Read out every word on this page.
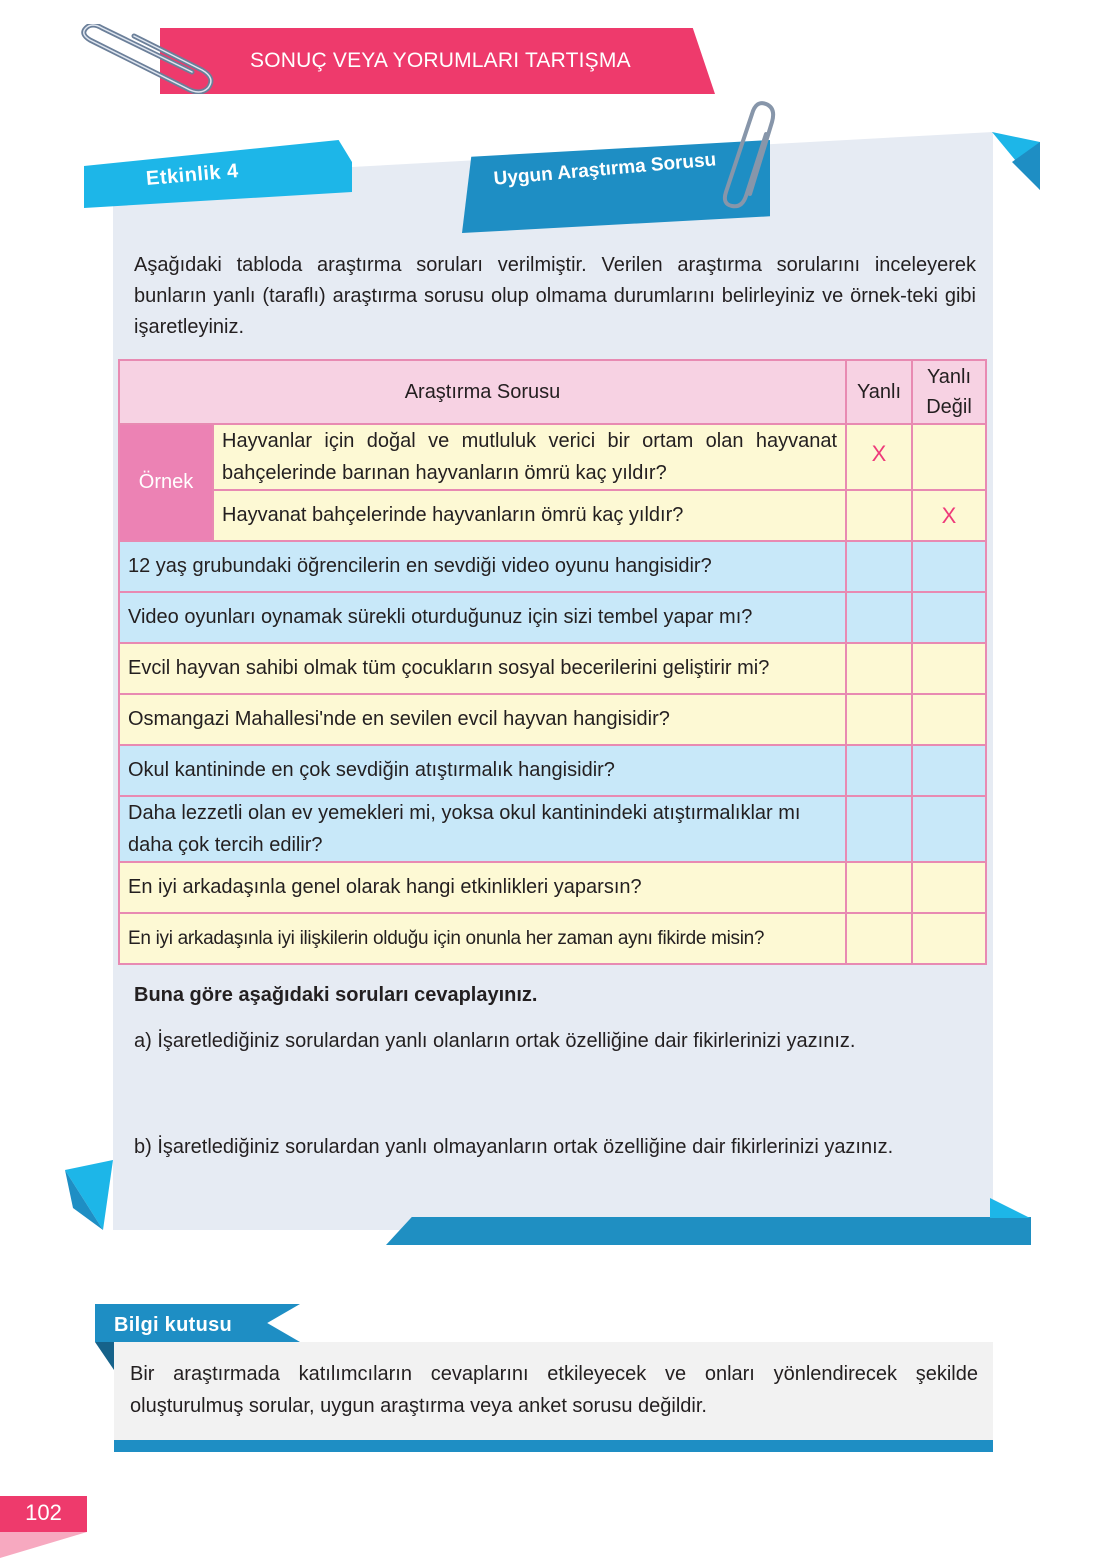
SONUÇ VEYA YORUMLARI TARTIŞMA
Etkinlik 4	Uygun Araştırma Sorusu
Aşağıdaki tabloda araştırma soruları verilmiştir. Verilen araştırma sorularını inceleyerek bunların yanlı (taraflı) araştırma sorusu olup olmama durumlarını belirleyiniz ve örnek-teki gibi işaretleyiniz.
Araştırma Sorusu		Yanlı	Yanlı Değil
Örnek	Hayvanlar için doğal ve mutluluk verici bir ortam olan hayvanat bahçelerinde barınan hayvanların ömrü kaç yıldır?	X	
	Hayvanat bahçelerinde hayvanların ömrü kaç yıldır?		X
12 yaş grubundaki öğrencilerin en sevdiği video oyunu hangisidir?			
Video oyunları oynamak sürekli oturduğunuz için sizi tembel yapar mı?			
Evcil hayvan sahibi olmak tüm çocukların sosyal becerilerini geliştirir mi?			
Osmangazi Mahallesi'nde en sevilen evcil hayvan hangisidir?			
Okul kantininde en çok sevdiğin atıştırmalık hangisidir?			
Daha lezzetli olan ev yemekleri mi, yoksa okul kantinindeki atıştırmalıklar mı daha çok tercih edilir?			
En iyi arkadaşınla genel olarak hangi etkinlikleri yaparsın?			
En iyi arkadaşınla iyi ilişkilerin olduğu için onunla her zaman aynı fikirde misin?			
Buna göre aşağıdaki soruları cevaplayınız.
a) İşaretlediğiniz sorulardan yanlı olanların ortak özelliğine dair fikirlerinizi yazınız.
b) İşaretlediğiniz sorulardan yanlı olmayanların ortak özelliğine dair fikirlerinizi yazınız.
Bilgi kutusu
Bir araştırmada katılımcıların cevaplarını etkileyecek ve onları yönlendirecek şekilde oluşturulmuş sorular, uygun araştırma veya anket sorusu değildir.
102
